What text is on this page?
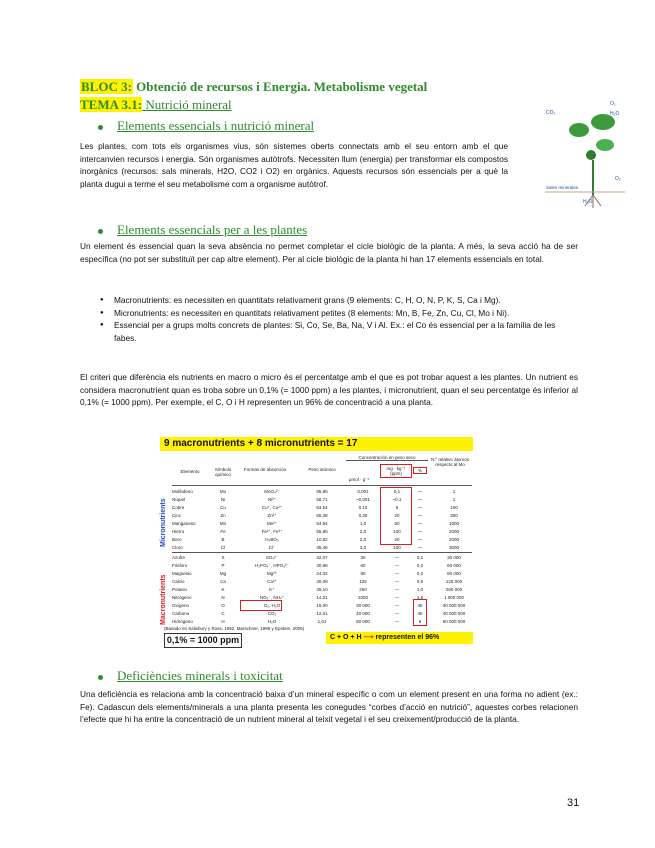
BLOC 3: Obtenció de recursos i Energia. Metabolisme vegetal
TEMA 3.1: Nutrició mineral
Elements essencials i nutrició mineral
Les plantes, com tots els organismes vius, són sistemes oberts connectats amb el seu entorn amb el que intercanvien recursos i energia. Són organismes autòtrofs. Necessiten llum (energia) per transformar els compostos inorgànics (recursos: sals minerals, H2O, CO2 i O2) en orgànics. Aquests recursos són essencials per a què la planta dugui a terme el seu metabolisme com a organisme autòtrof.
CO₂
O₂
H₂O
Sales minerales
H₂O
O₂
Elements essencials per a les plantes
Un element és essencial quan la seva absència no permet completar el cicle biològic de la planta. A més, la seva acció ha de ser específica (no pot ser substituït per cap altre element). Per al cicle biològic de la planta hi han 17 elements essencials en total.
● Macronutrients: es necessiten en quantitats relativament grans (9 elements: C, H, O, N, P, K, S, Ca i Mg).
● Micronutrients: es necessiten en quantitats relativament petites (8 elements: Mn, B, Fe, Zn, Cu, Cl, Mo i Ni).
● Essencial per a grups molts concrets de plantes: Si, Co, Se, Ba, Na, V i Al. Ex.: el Co és essencial per a la família de les fabes.
El criteri que diferència els nutrients en macro o micro és el percentatge amb el que es pot trobar aquest a les plantes. Un nutrient es considera macronutrient quan es troba sobre un 0,1% (= 1000 ppm) a les plantes, i micronutrient, quan el seu percentatge és inferior al 0,1% (= 1000 ppm). Per exemple, el C, O i H representen un 96% de concentració a una planta.
9 macronutrients + 8 micronutrients = 17
Elemento	Símbolo químico
Formas de absorción	Peso atómico
Concentración en peso seco
μmol · g⁻¹
mg · kg⁻¹ (ppm)
%
N.º relativo átomos respecto al Mo
Micronutrients
Macronutrients
Molibdeno	Mo	MoO₄²⁻	95,95	0,001	0,1	—	1
Níquel	Ni	Ni²⁺	58,71	~0,001	~0,1	—	1
Cobre	Cu	Cu⁺, Cu²⁺	63,54	0,10	6	—	100
Cinc	Zn	Zn²⁺	65,38	0,30	20	—	300
Manganeso	Mn	Mn²⁺	54,94	1,0	50	—	1000
Hierro	Fe	Fe²⁺, Fe³⁺	55,85	2,0	100	—	2000
Boro	B	H₃BO₃	10,82	2,0	20	—	2000
Cloro	Cl	Cl⁻	35,46	3,0	100	—	3000
Azufre	S	SO₄²⁻	32,07	30	—	0,1	30 000
Fósforo	P	H₂PO₄⁻, HPO₄²⁻	30,98	60	—	0,2	60 000
Magnesio	Mg	Mg²⁺	24,32	80	—	0,2	80 000
Calcio	Ca	Ca²⁺	40,08	125	—	0,5	125 000
Potasio	K	K⁺	39,10	250	—	1,0	250 000
Nitrógeno	N	NO₃⁻, NH₄⁺	14,01	1000	—	1,5	1 000 000
Oxígeno	O	O₂, H₂O	16,00	30 000	—	45	30 000 000
Carbono	C	CO₂	12,01	40 000	—	45	40 000 000
Hidrógeno	H	H₂O	1,01	60 000	—	6	60 000 000
(Basado en Salisbury y Ross, 1992. Marschner, 1995 y Epstein, 2005)
0,1% = 1000 ppm	C + O + H ⟶ representen el 96%
Deficiències minerals i toxicitat
Una deficiència es relaciona amb la concentració baixa d’un mineral específic o com un element present en una forma no adient (ex.: Fe). Cadascun dels elements/minerals a una planta presenta les conegudes “corbes d’acció en nutrició”, aquestes corbes relacionen l’efecte que hi ha entre la concentració de un nutrient mineral al teixit vegetal i el seu creixement/producció de la planta.
31
